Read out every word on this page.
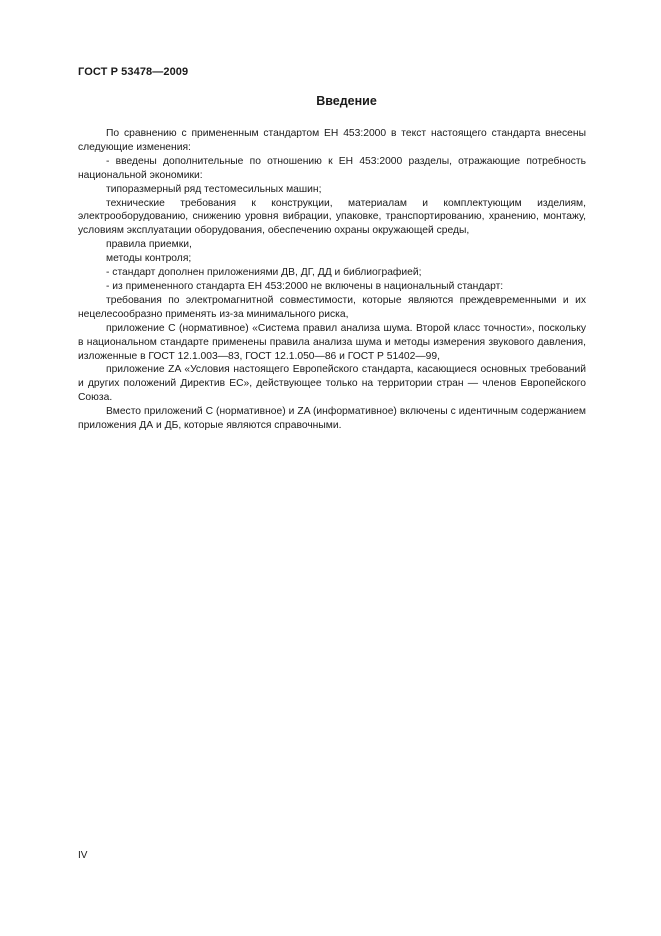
ГОСТ Р 53478—2009
Введение

По сравнению с примененным стандартом ЕН 453:2000 в текст настоящего стандарта внесены следующие изменения:

- введены дополнительные по отношению к ЕН 453:2000 разделы, отражающие потребность национальной экономики:

типоразмерный ряд тестомесильных машин;

технические требования к конструкции, материалам и комплектующим изделиям, электрооборудованию, снижению уровня вибрации, упаковке, транспортированию, хранению, монтажу, условиям эксплуатации оборудования, обеспечению охраны окружающей среды,

правила приемки,

методы контроля;

- стандарт дополнен приложениями ДВ, ДГ, ДД и библиографией;

- из примененного стандарта ЕН 453:2000 не включены в национальный стандарт:

требования по электромагнитной совместимости, которые являются преждевременными и их нецелесообразно применять из-за минимального риска,

приложение С (нормативное) «Система правил анализа шума. Второй класс точности», поскольку в национальном стандарте применены правила анализа шума и методы измерения звукового давления, изложенные в ГОСТ 12.1.003—83, ГОСТ 12.1.050—86 и ГОСТ Р 51402—99,

приложение ZA «Условия настоящего Европейского стандарта, касающиеся основных требований и других положений Директив ЕС», действующее только на территории стран — членов Европейского Союза.

Вместо приложений С (нормативное) и ZA (информативное) включены с идентичным содержанием приложения ДА и ДБ, которые являются справочными.

IV
